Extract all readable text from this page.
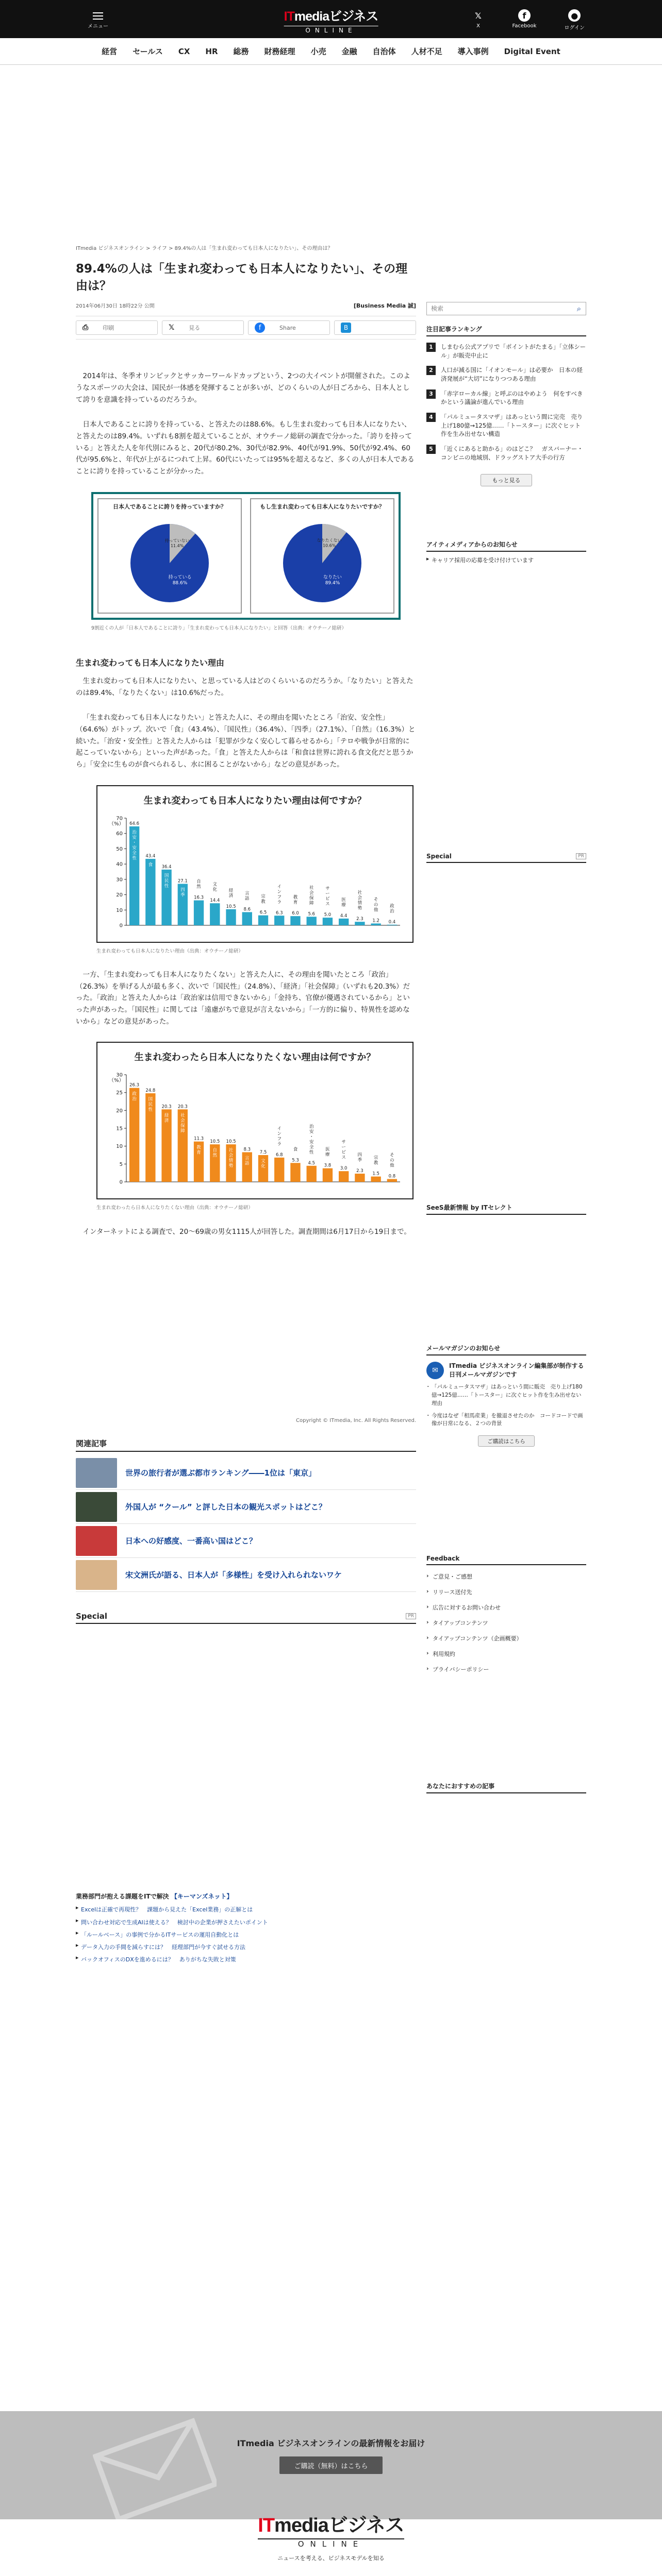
メニュー
ITmediaビジネス
ONLINE
𝕏
X
f
Facebook
●
ログイン
経営 セールス CX HR 総務 財務経理 小売 金融 自治体 人材不足 導入事例 Digital Event
ITmedia ビジネスオンライン > ライフ > 89.4%の人は「生まれ変わっても日本人になりたい」、その理由は？
89.4%の人は「生まれ変わっても日本人になりたい」、その理由は？
2014年06月30日 18時22分 公開	[Business Media 誠]
⎙	印刷	𝕏	見る	f	Share	B

2014年は、冬季オリンピックとサッカーワールドカップという、2つの大イベントが開催された。このようなスポーツの大会は、国民が一体感を発揮することが多いが、どのくらいの人が日ごろから、日本人として誇りを意識を持っているのだろうか。

日本人であることに誇りを持っている、と答えたのは88.6%。もし生まれ変わっても日本人になりたい、と答えたのは89.4%。いずれも8割を超えていることが、オウチーノ総研の調査で分かった。「誇りを持っている」と答えた人を年代別にみると、20代が80.2%、30代が82.9%、40代が91.9%、50代が92.4%、60代が95.6%と、年代が上がるにつれて上昇。60代にいたっては95%を超えるなど、多くの人が日本人であることに誇りを持っていることが分かった。

日本人であることに誇りを持っていますか？
持っていない
11.4%
持っている
88.6%
もし生まれ変わっても日本人になりたいですか？
なりたくない
10.6%
なりたい
89.4%
9割近くの人が「日本人であることに誇り」「生まれ変わっても日本人になりたい」と回答（出典：オウチーノ総研）
生まれ変わっても日本人になりたい理由

生まれ変わっても日本人になりたい、と思っている人はどのくらいいるのだろうか。「なりたい」と答えたのは89.4%、「なりたくない」は10.6%だった。

「生まれ変わっても日本人になりたい」と答えた人に、その理由を聞いたところ「治安、安全性」（64.6%）がトップ。次いで「食」（43.4%）、「国民性」（36.4%）、「四季」（27.1%）、「自然」（16.3%）と続いた。「治安・安全性」と答えた人からは「犯罪が少なく安心して暮らせるから」「テロや戦争が日常的に起こっていないから」といった声があった。「食」と答えた人からは「和食は世界に誇れる食文化だと思うから」「安全に生ものが食べられるし、水に困ることがないから」などの意見があった。

生まれ変わっても日本人になりたい理由は何ですか？
（%）
0
10
20
30
40
50
60
70
64.6
治安・安全性 43.4
食 36.4
国民性
27.1
四季
16.3
自然
14.4
文化
10.5
経済
8.6
言語
6.5
宗教
6.3
インフラ
6.0
教育
5.6
社会保障
5.0
サービス
4.4
医療
2.3
社会情勢
1.2
その他
0.4
政治
生まれ変わっても日本人になりたい理由（出典：オウチーノ総研）

一方、「生まれ変わっても日本人になりたくない」と答えた人に、その理由を聞いたところ「政治」（26.3%）を挙げる人が最も多く、次いで「国民性」（24.8%）、「経済」「社会保障」（いずれも20.3%）だった。「政治」と答えた人からは「政治家は信用できないから」「金持ち、官僚が優遇されているから」といった声があった。「国民性」に関しては「遠慮がちで意見が言えないから」「一方的に偏り、特異性を認めないから」などの意見があった。

生まれ変わったら日本人になりたくない理由は何ですか？
（%）
0
5
10
15
20
25
30
26.3
政治
24.8
国民性
20.3
経済
20.3
社会保障
11.3
教育
10.5
自然
10.5
社会情勢
8.3
言語
7.5
文化
6.8
インフラ
5.3
食
4.5
治安・安全性
3.8
医療
3.0
サービス
2.3
四季
1.5
宗教
0.8
その他
生まれ変わったら日本人になりたくない理由（出典：オウチーノ総研）

インターネットによる調査で、20〜69歳の男女1115人が回答した。調査期間は6月17日から19日まで。

Copyright © ITmedia, Inc. All Rights Reserved.
関連記事
世界の旅行者が選ぶ都市ランキング――1位は「東京」
外国人が “クール” と評した日本の観光スポットはどこ？
日本への好感度、一番高い国はどこ？
宋文洲氏が語る、日本人が「多様性」を受け入れられないワケ
Special	PR
業務部門が抱える課題をITで解決 【キーマンズネット】
▶ Excelは正確で再現性？　課題から見えた「Excel業務」の正解とは
▶ 問い合わせ対応で生成AIは使える？　検討中の企業が押さえたいポイント
▶ 「ルールベース」の事例で分かるITサービスの運用自動化とは
▶ データ入力の手間を減らすには？　経理部門が今すぐ試せる方法
▶ バックオフィスのDXを進めるには？　ありがちな失敗と対策
検索
⌕
注目記事ランキング
1	しまむら公式アプリで「ポイントがたまる」「立体シール」が販売中止に
2	人口が減る国に「イオンモール」は必要か　日本の経済発展が“大切”になりつつある理由
3	「赤字ローカル線」と呼ぶのはやめよう　何をすべきかという議論が進んでいる理由
4	「パルミュータスマザ」はあっという間に完売　売り上げ180億→125億……「トースター」に次ぐヒット作を生み出せない構造
5	「近くにあると助かる」のはどこ？　ガスバーナー・コンビニの地域別、ドラッグストア大手の行方
もっと見る
アイティメディアからのお知らせ
▶ キャリア採用の応募を受け付けています
Special	PR
SeeS最新情報 by ITセレクト
メールマガジンのお知らせ
✉
ITmedia ビジネスオンライン編集部が制作する日刊メールマガジンです
・ 「パルミュータスマザ」はあっという間に販売　売り上げ180億→125億……「トースター」に次ぐヒット作を生み出せない理由
・ 今度はなぜ「相馬産業」を撤退させたのか　コードコードで画像が日常になる、２つの背景
ご購読はこちら
Feedback
› ご意見・ご感想
› リリース送付先
› 広告に対するお問い合わせ
› タイアップコンテンツ
› タイアップコンテンツ（企画概要）
› 利用規約
› プライバシーポリシー
あなたにおすすめの記事
ITmedia ビジネスオンラインの最新情報をお届け
ご購読（無料）はこちら
ITmediaビジネス
ONLINE
ニュースを考える、ビジネスモデルを知る
